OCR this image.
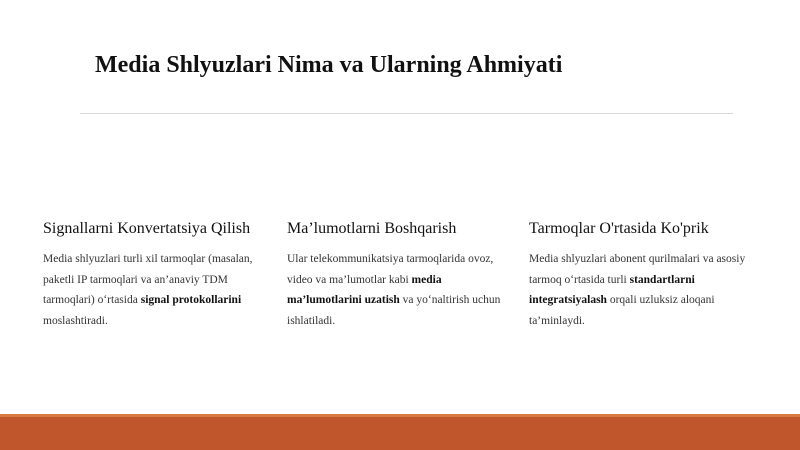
Media Shlyuzlari Nima va Ularning Ahmiyati
Signallarni Konvertatsiya Qilish

Media shlyuzlari turli xil tarmoqlar (masalan, paketli IP tarmoqlari va an’anaviy TDM tarmoqlari) o‘rtasida signal protokollarini moslashtiradi.

Ma’lumotlarni Boshqarish

Ular telekommunikatsiya tarmoqlarida ovoz, video va ma’lumotlar kabi media ma’lumotlarini uzatish va yo‘naltirish uchun ishlatiladi.

Tarmoqlar O'rtasida Ko'prik

Media shlyuzlari abonent qurilmalari va asosiy tarmoq o‘rtasida turli standartlarni integratsiyalash orqali uzluksiz aloqani ta’minlaydi.
